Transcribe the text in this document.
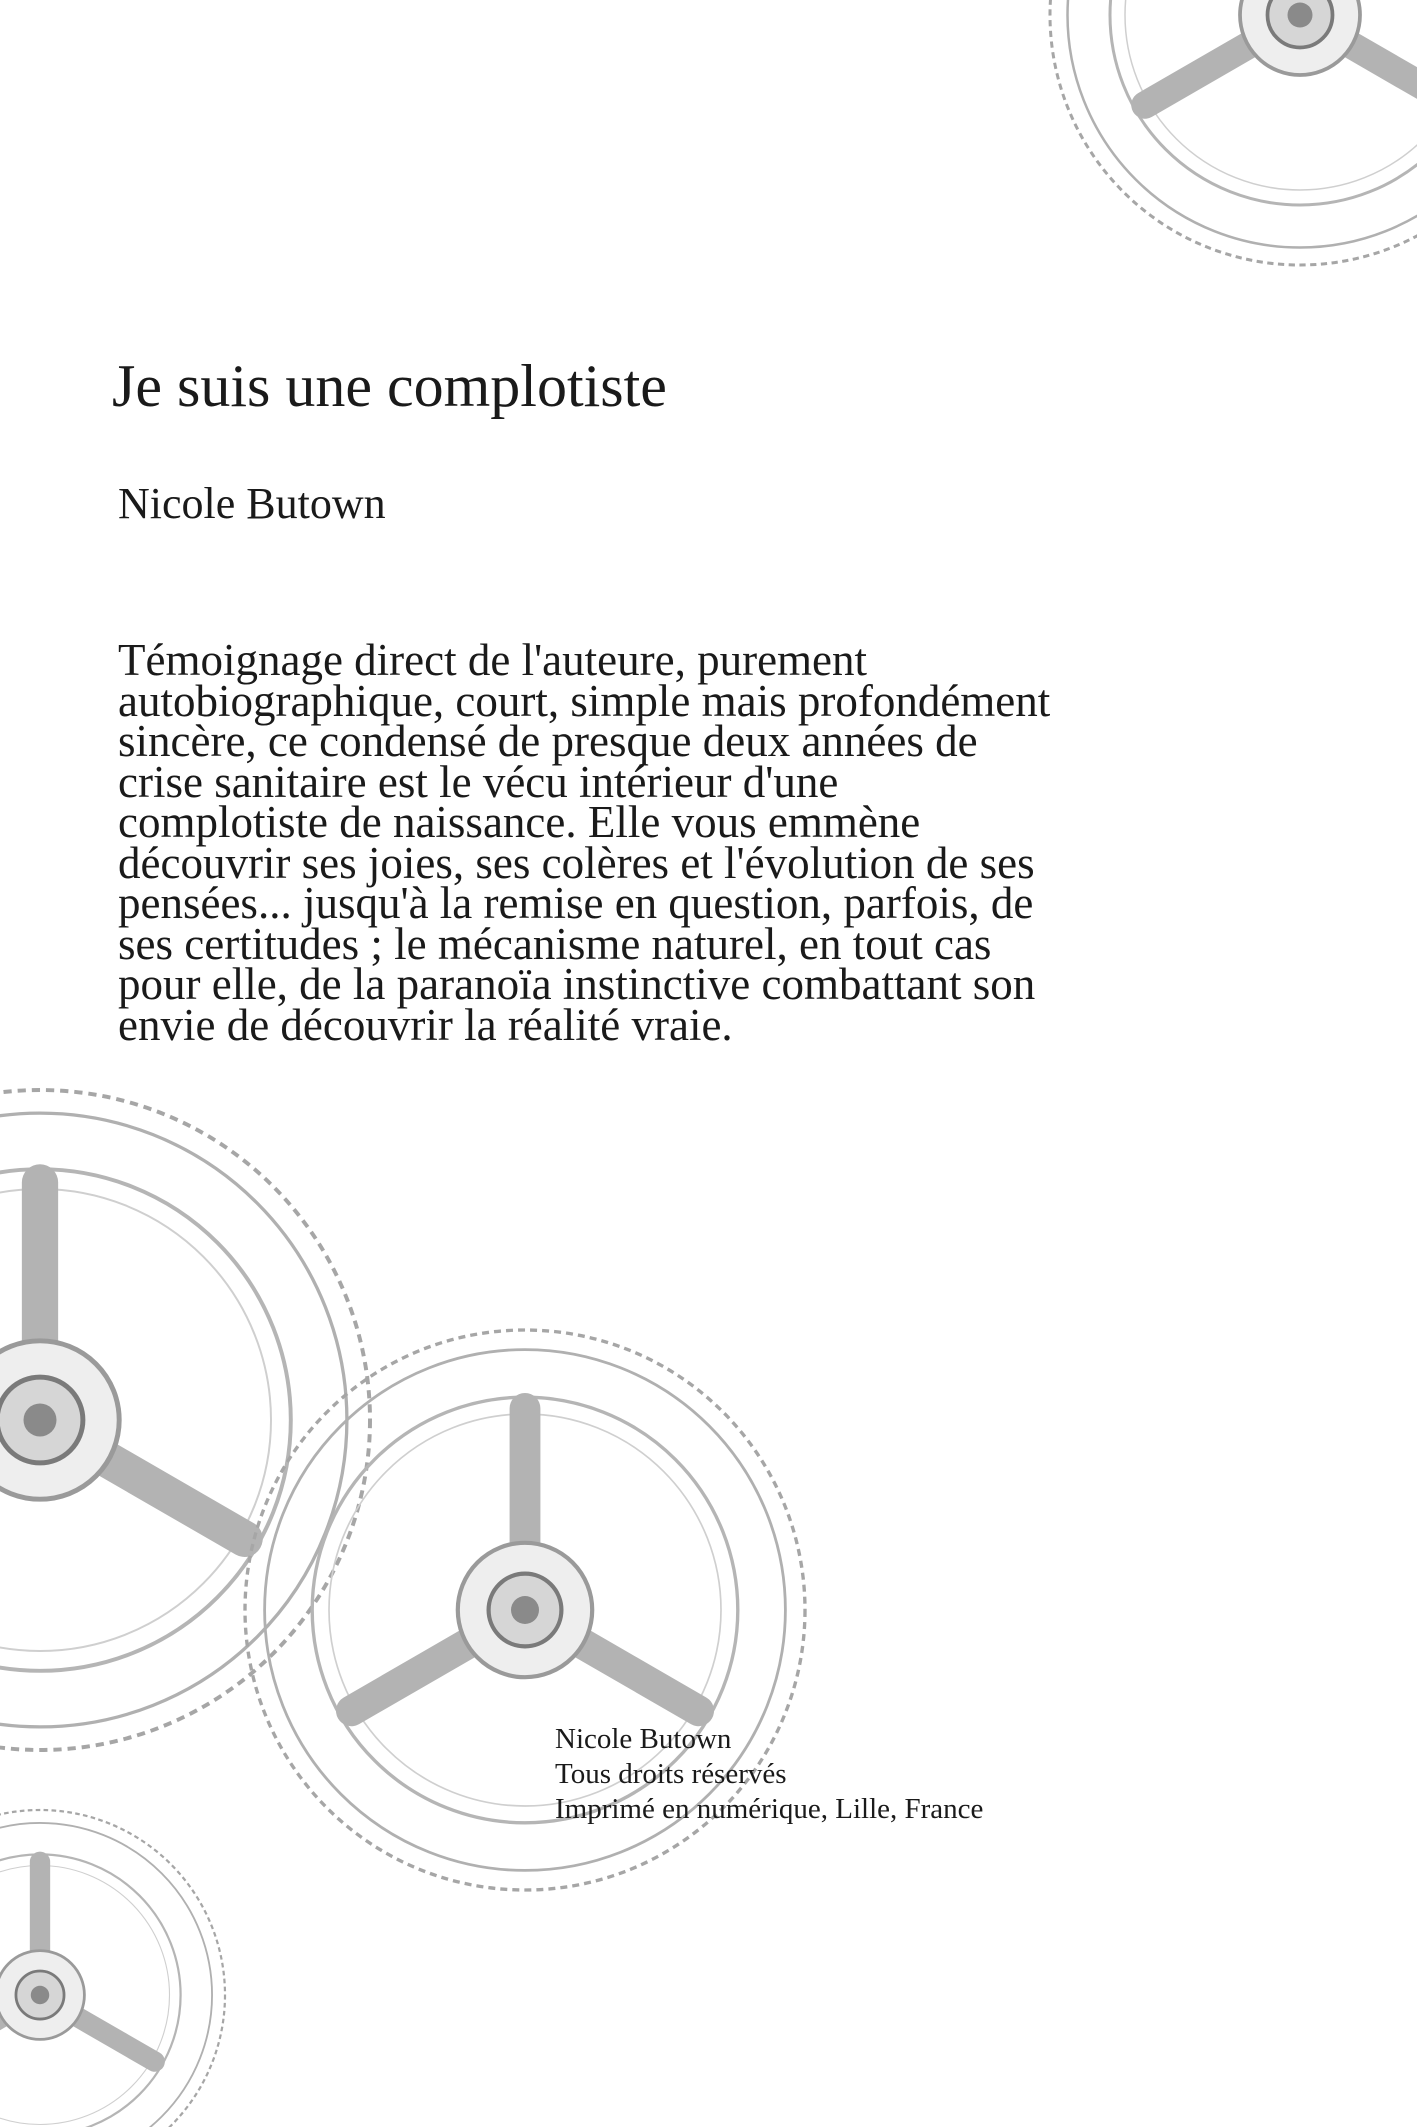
Je suis une complotiste

Nicole Butown

Témoignage direct de l'auteure, purement autobiographique, court, simple mais profondément sincère, ce condensé de presque deux années de crise sanitaire est le vécu intérieur d'une complotiste de naissance. Elle vous emmène découvrir ses joies, ses colères et l'évolution de ses pensées... jusqu'à la remise en question, parfois, de ses certitudes ; le mécanisme naturel, en tout cas pour elle, de la paranoïa instinctive combattant son envie de découvrir la réalité vraie.

Nicole Butown
Tous droits réservés
Imprimé en numérique, Lille, France
